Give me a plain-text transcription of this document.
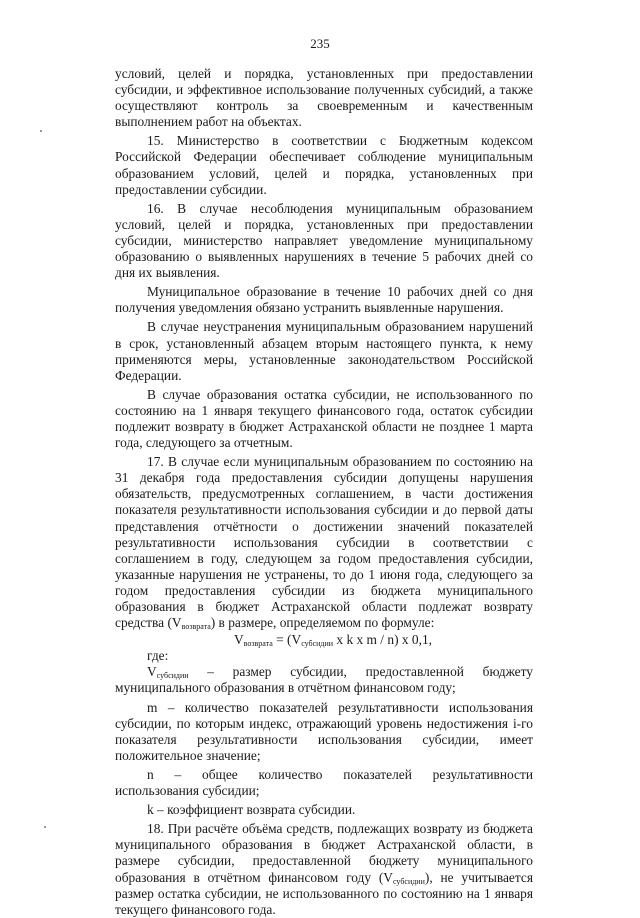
235

условий, целей и порядка, установленных при предоставлении субсидии, и эффективное использование полученных субсидий, а также осуществляют контроль за своевременным и качественным выполнением работ на объектах.

15. Министерство в соответствии с Бюджетным кодексом Российской Федерации обеспечивает соблюдение муниципальным образованием условий, целей и порядка, установленных при предоставлении субсидии.

16. В случае несоблюдения муниципальным образованием условий, целей и порядка, установленных при предоставлении субсидии, министерство направляет уведомление муниципальному образованию о выявленных нарушениях в течение 5 рабочих дней со дня их выявления.

Муниципальное образование в течение 10 рабочих дней со дня получения уведомления обязано устранить выявленные нарушения.

В случае неустранения муниципальным образованием нарушений в срок, установленный абзацем вторым настоящего пункта, к нему применяются меры, установленные законодательством Российской Федерации.

В случае образования остатка субсидии, не использованного по состоянию на 1 января текущего финансового года, остаток субсидии подлежит возврату в бюджет Астраханской области не позднее 1 марта года, следующего за отчетным.

17. В случае если муниципальным образованием по состоянию на 31 декабря года предоставления субсидии допущены нарушения обязательств, предусмотренных соглашением, в части достижения показателя результативности использования субсидии и до первой даты представления отчётности о достижении значений показателей результативности использования субсидии в соответствии с соглашением в году, следующем за годом предоставления субсидии, указанные нарушения не устранены, то до 1 июня года, следующего за годом предоставления субсидии из бюджета муниципального образования в бюджет Астраханской области подлежат возврату средства $(V_{возврата})$ в размере, определяемом по формуле:

$V_{возврата} = (V_{субсидии}$ x k x m / n) x 0,1,

где:

$V_{субсидии}$ – размер субсидии, предоставленной бюджету муниципального образования в отчётном финансовом году;

m – количество показателей результативности использования субсидии, по которым индекс, отражающий уровень недостижения i-го показателя результативности использования субсидии, имеет положительное значение;

n – общее количество показателей результативности использования субсидии;

k – коэффициент возврата субсидии.

18. При расчёте объёма средств, подлежащих возврату из бюджета муниципального образования в бюджет Астраханской области, в размере субсидии, предоставленной бюджету муниципального образования в отчётном финансовом году $(V_{субсидии})$, не учитывается размер остатка субсидии, не использованного по состоянию на 1 января текущего финансового года.
